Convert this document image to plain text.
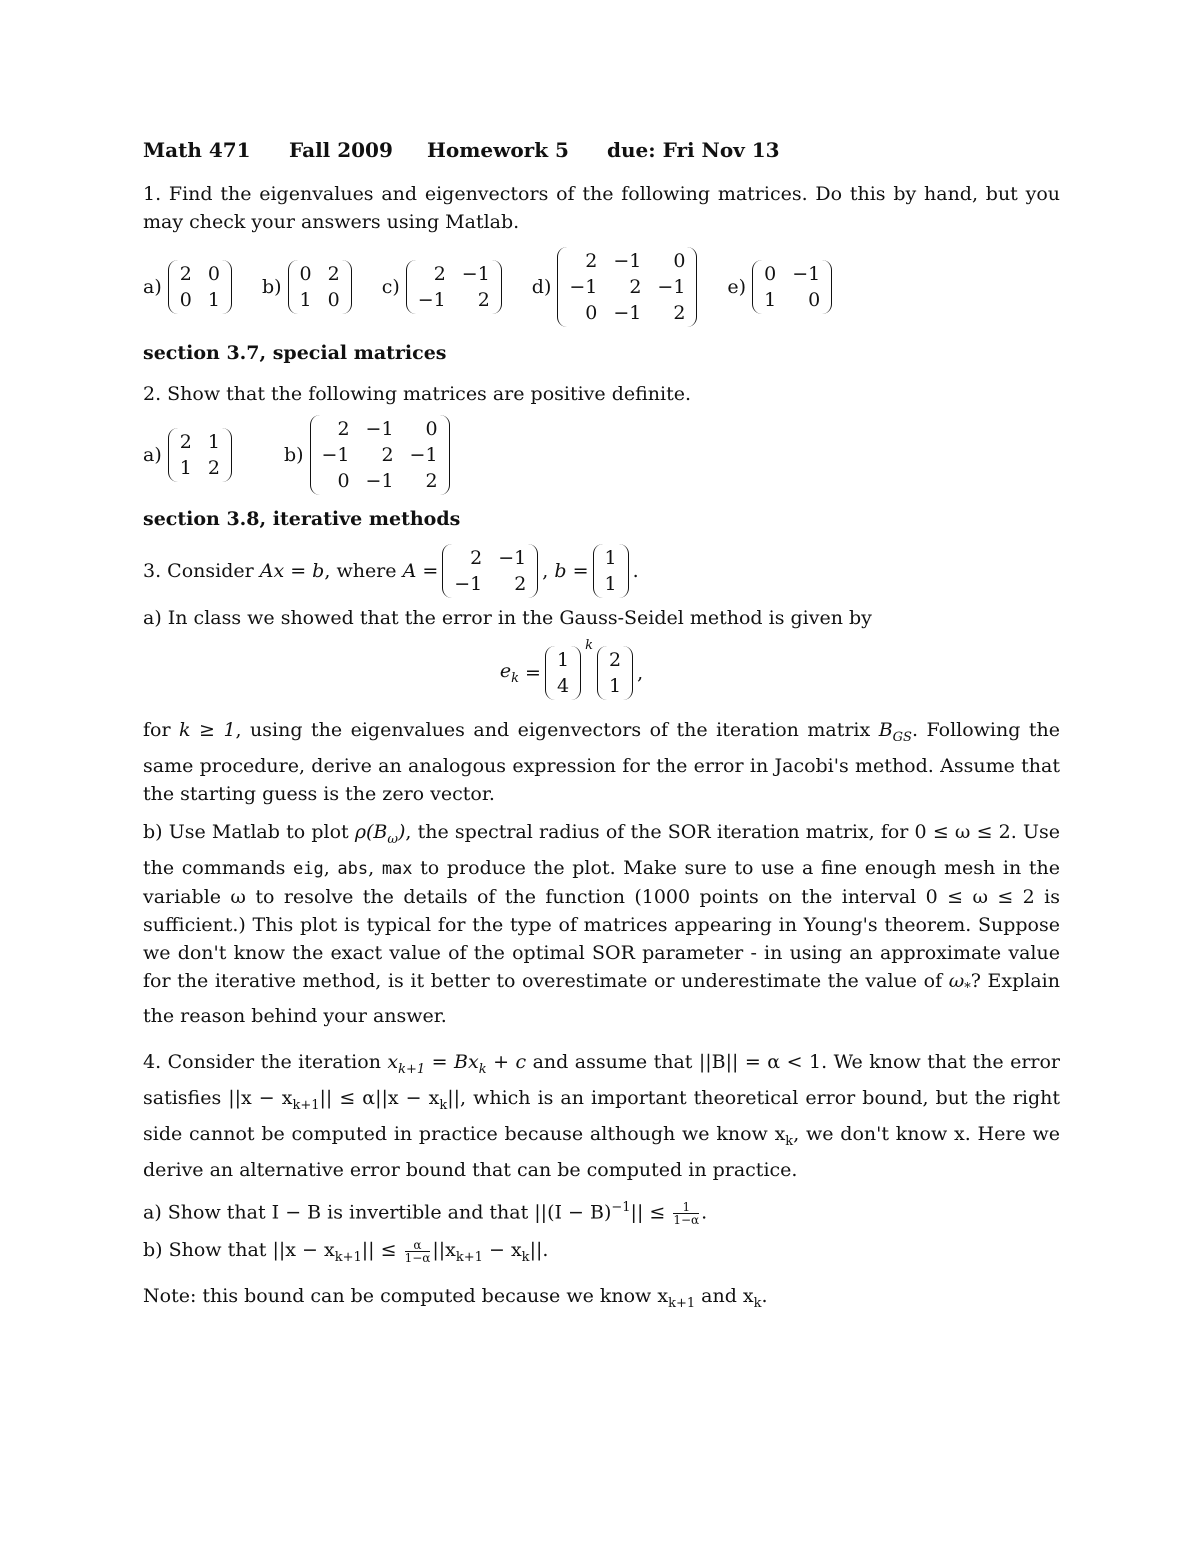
Math 471 Fall 2009 Homework 5 due: Fri Nov 13
1. Find the eigenvalues and eigenvectors of the following matrices. Do this by hand, but you may check your answers using Matlab.
a)
2 0
0 1
b)
0 2
1 0
c)
2 −1
−1	2
d)
2 −1	0
−1	2 −1
0 −1	2
e)
0 −1
1	0
section 3.7, special matrices
2. Show that the following matrices are positive definite.
a)
2 1
1 2
b)
2 −1	0
−1	2 −1
0 −1	2
section 3.8, iterative methods
3. Consider Ax = b , where A =
2 −1
−1	2
, b =
1
1
.
a) In class we showed that the error in the Gauss-Seidel method is given by
$e_k$ =
1
4
$^k$
2
1
,
for k ≥ 1, using the eigenvalues and eigenvectors of the iteration matrix $B_{GS}$. Following the same procedure, derive an analogous expression for the error in Jacobi's method. Assume that the starting guess is the zero vector.
b) Use Matlab to plot $\rho(B_\omega)$, the spectral radius of the SOR iteration matrix, for 0 ≤ ω ≤ 2. Use the commands eig, abs, max to produce the plot. Make sure to use a fine enough mesh in the variable ω to resolve the details of the function (1000 points on the interval 0 ≤ ω ≤ 2 is sufficient.) This plot is typical for the type of matrices appearing in Young's theorem. Suppose we don't know the exact value of the optimal SOR parameter - in using an approximate value for the iterative method, is it better to overestimate or underestimate the value of $\omega_*$? Explain the reason behind your answer.
4. Consider the iteration $x_{k+1} = Bx_k + c$ and assume that ||B|| = α < 1. We know that the error satisfies $||x - x_{k+1}|| \le \alpha||x - x_k||$, which is an important theoretical error bound, but the right side cannot be computed in practice because although we know $x_k$, we don't know x. Here we derive an alternative error bound that can be computed in practice.
a) Show that I − B is invertible and that $||(I - B)^{-1}|| \le \frac{1}{1-\alpha}$ .
b) Show that $||x - x_{k+1}|| \le \frac{\alpha}{1-\alpha} ||x_{k+1} - x_k||$.
Note: this bound can be computed because we know $x_{k+1}$ and $x_k$.
